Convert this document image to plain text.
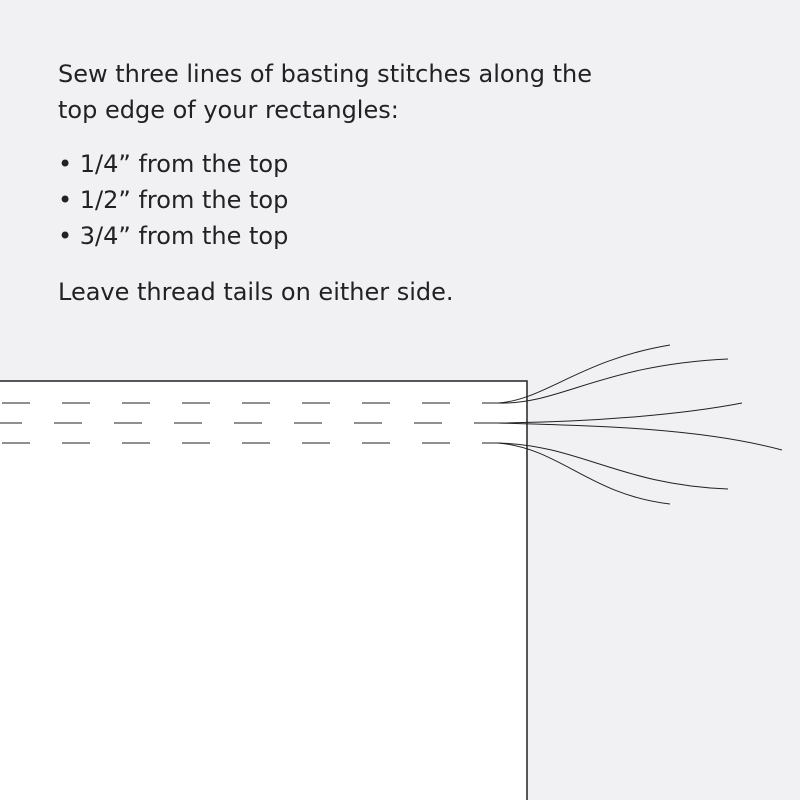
Sew three lines of basting stitches along the
top edge of your rectangles:

• 1/4” from the top
• 1/2” from the top
• 3/4” from the top

Leave thread tails on either side.
